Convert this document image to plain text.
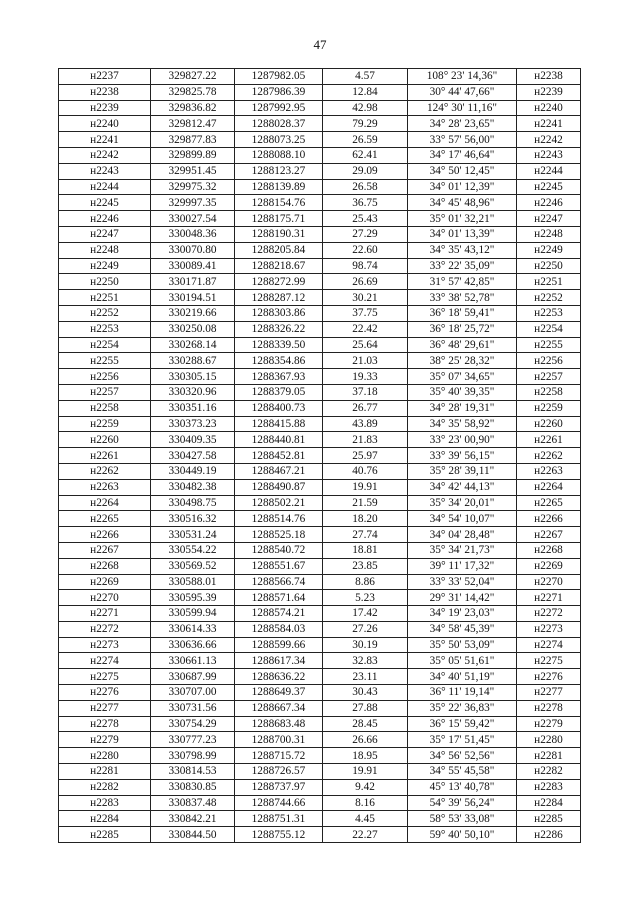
47
н2237	329827.22	1287982.05	4.57	108° 23' 14,36"	н2238
н2238	329825.78	1287986.39	12.84	30° 44' 47,66"	н2239
н2239	329836.82	1287992.95	42.98	124° 30' 11,16"	н2240
н2240	329812.47	1288028.37	79.29	34° 28' 23,65"	н2241
н2241	329877.83	1288073.25	26.59	33° 57' 56,00"	н2242
н2242	329899.89	1288088.10	62.41	34° 17' 46,64"	н2243
н2243	329951.45	1288123.27	29.09	34° 50' 12,45"	н2244
н2244	329975.32	1288139.89	26.58	34° 01' 12,39"	н2245
н2245	329997.35	1288154.76	36.75	34° 45' 48,96"	н2246
н2246	330027.54	1288175.71	25.43	35° 01' 32,21"	н2247
н2247	330048.36	1288190.31	27.29	34° 01' 13,39"	н2248
н2248	330070.80	1288205.84	22.60	34° 35' 43,12"	н2249
н2249	330089.41	1288218.67	98.74	33° 22' 35,09"	н2250
н2250	330171.87	1288272.99	26.69	31° 57' 42,85"	н2251
н2251	330194.51	1288287.12	30.21	33° 38' 52,78"	н2252
н2252	330219.66	1288303.86	37.75	36° 18' 59,41"	н2253
н2253	330250.08	1288326.22	22.42	36° 18' 25,72"	н2254
н2254	330268.14	1288339.50	25.64	36° 48' 29,61"	н2255
н2255	330288.67	1288354.86	21.03	38° 25' 28,32"	н2256
н2256	330305.15	1288367.93	19.33	35° 07' 34,65"	н2257
н2257	330320.96	1288379.05	37.18	35° 40' 39,35"	н2258
н2258	330351.16	1288400.73	26.77	34° 28' 19,31"	н2259
н2259	330373.23	1288415.88	43.89	34° 35' 58,92"	н2260
н2260	330409.35	1288440.81	21.83	33° 23' 00,90"	н2261
н2261	330427.58	1288452.81	25.97	33° 39' 56,15"	н2262
н2262	330449.19	1288467.21	40.76	35° 28' 39,11"	н2263
н2263	330482.38	1288490.87	19.91	34° 42' 44,13"	н2264
н2264	330498.75	1288502.21	21.59	35° 34' 20,01"	н2265
н2265	330516.32	1288514.76	18.20	34° 54' 10,07"	н2266
н2266	330531.24	1288525.18	27.74	34° 04' 28,48"	н2267
н2267	330554.22	1288540.72	18.81	35° 34' 21,73"	н2268
н2268	330569.52	1288551.67	23.85	39° 11' 17,32"	н2269
н2269	330588.01	1288566.74	8.86	33° 33' 52,04"	н2270
н2270	330595.39	1288571.64	5.23	29° 31' 14,42"	н2271
н2271	330599.94	1288574.21	17.42	34° 19' 23,03"	н2272
н2272	330614.33	1288584.03	27.26	34° 58' 45,39"	н2273
н2273	330636.66	1288599.66	30.19	35° 50' 53,09"	н2274
н2274	330661.13	1288617.34	32.83	35° 05' 51,61"	н2275
н2275	330687.99	1288636.22	23.11	34° 40' 51,19"	н2276
н2276	330707.00	1288649.37	30.43	36° 11' 19,14"	н2277
н2277	330731.56	1288667.34	27.88	35° 22' 36,83"	н2278
н2278	330754.29	1288683.48	28.45	36° 15' 59,42"	н2279
н2279	330777.23	1288700.31	26.66	35° 17' 51,45"	н2280
н2280	330798.99	1288715.72	18.95	34° 56' 52,56"	н2281
н2281	330814.53	1288726.57	19.91	34° 55' 45,58"	н2282
н2282	330830.85	1288737.97	9.42	45° 13' 40,78"	н2283
н2283	330837.48	1288744.66	8.16	54° 39' 56,24"	н2284
н2284	330842.21	1288751.31	4.45	58° 53' 33,08"	н2285
н2285	330844.50	1288755.12	22.27	59° 40' 50,10"	н2286
